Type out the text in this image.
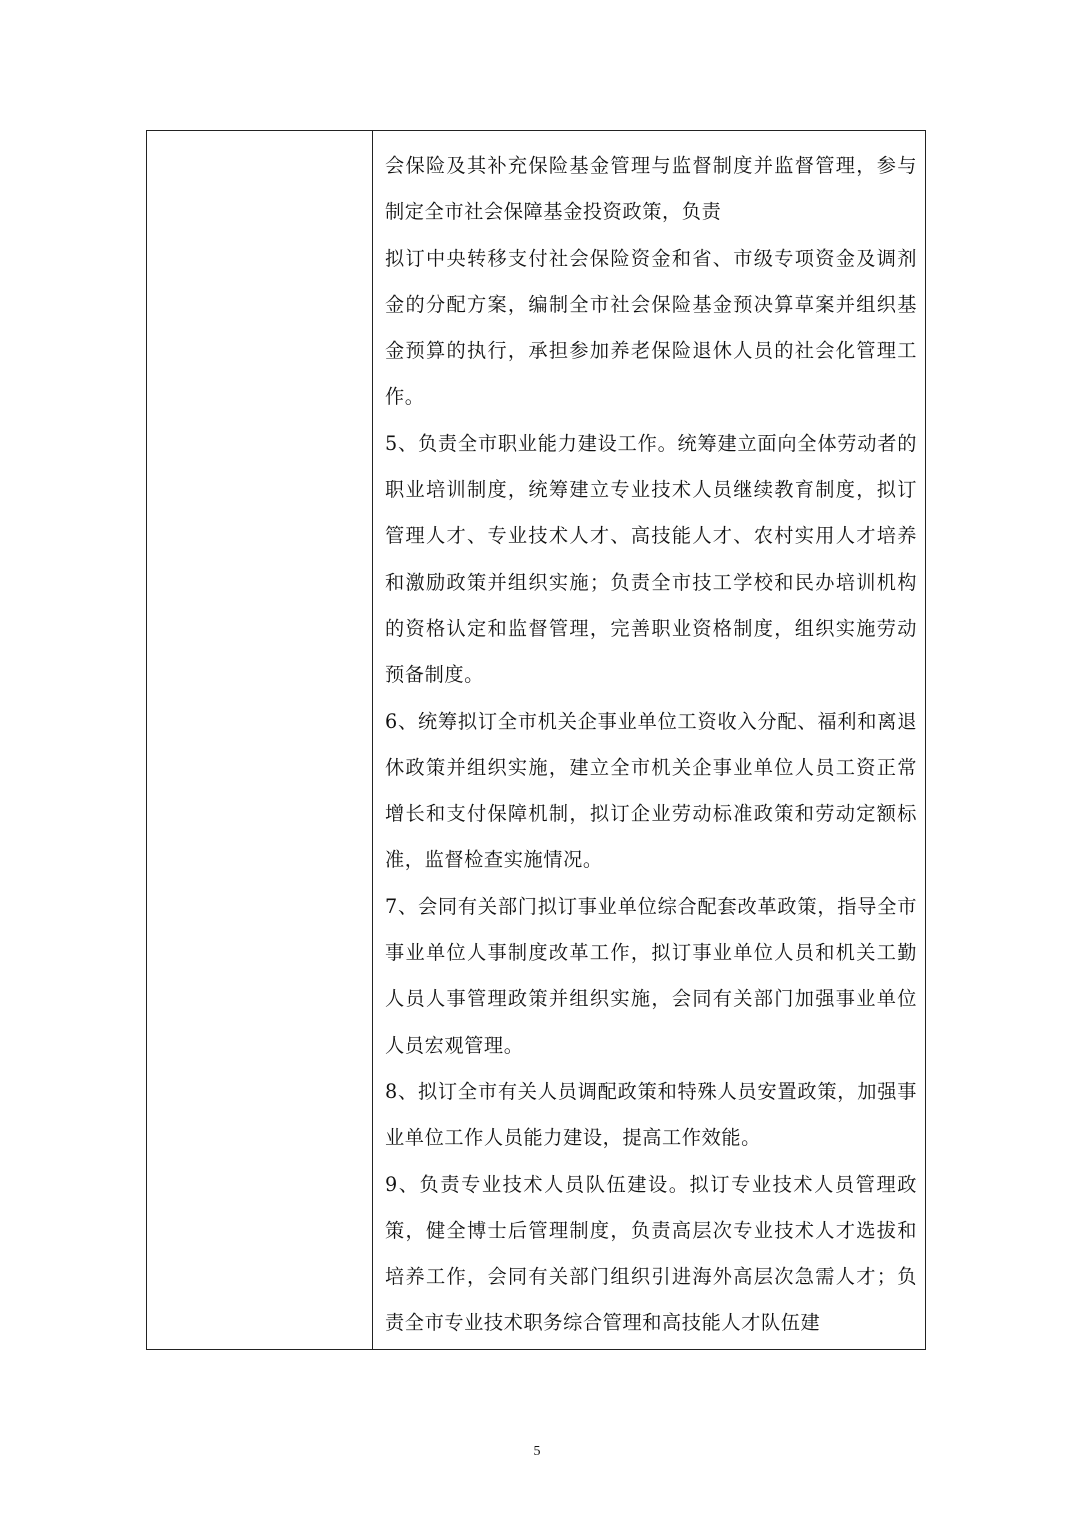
会保险及其补充保险基金管理与监督制度并监督管理，参与制定全市社会保障基金投资政策，负责

拟订中央转移支付社会保险资金和省、市级专项资金及调剂金的分配方案，编制全市社会保险基金预决算草案并组织基金预算的执行，承担参加养老保险退休人员的社会化管理工作。

5、负责全市职业能力建设工作。统筹建立面向全体劳动者的职业培训制度，统筹建立专业技术人员继续教育制度，拟订管理人才、专业技术人才、高技能人才、农村实用人才培养和激励政策并组织实施；负责全市技工学校和民办培训机构的资格认定和监督管理，完善职业资格制度，组织实施劳动预备制度。

6、统筹拟订全市机关企事业单位工资收入分配、福利和离退休政策并组织实施，建立全市机关企事业单位人员工资正常增长和支付保障机制，拟订企业劳动标准政策和劳动定额标准，监督检查实施情况。

7、会同有关部门拟订事业单位综合配套改革政策，指导全市事业单位人事制度改革工作，拟订事业单位人员和机关工勤人员人事管理政策并组织实施，会同有关部门加强事业单位人员宏观管理。

8、拟订全市有关人员调配政策和特殊人员安置政策，加强事业单位工作人员能力建设，提高工作效能。

9、负责专业技术人员队伍建设。拟订专业技术人员管理政策，健全博士后管理制度，负责高层次专业技术人才选拔和培养工作，会同有关部门组织引进海外高层次急需人才；负责全市专业技术职务综合管理和高技能人才队伍建

5
